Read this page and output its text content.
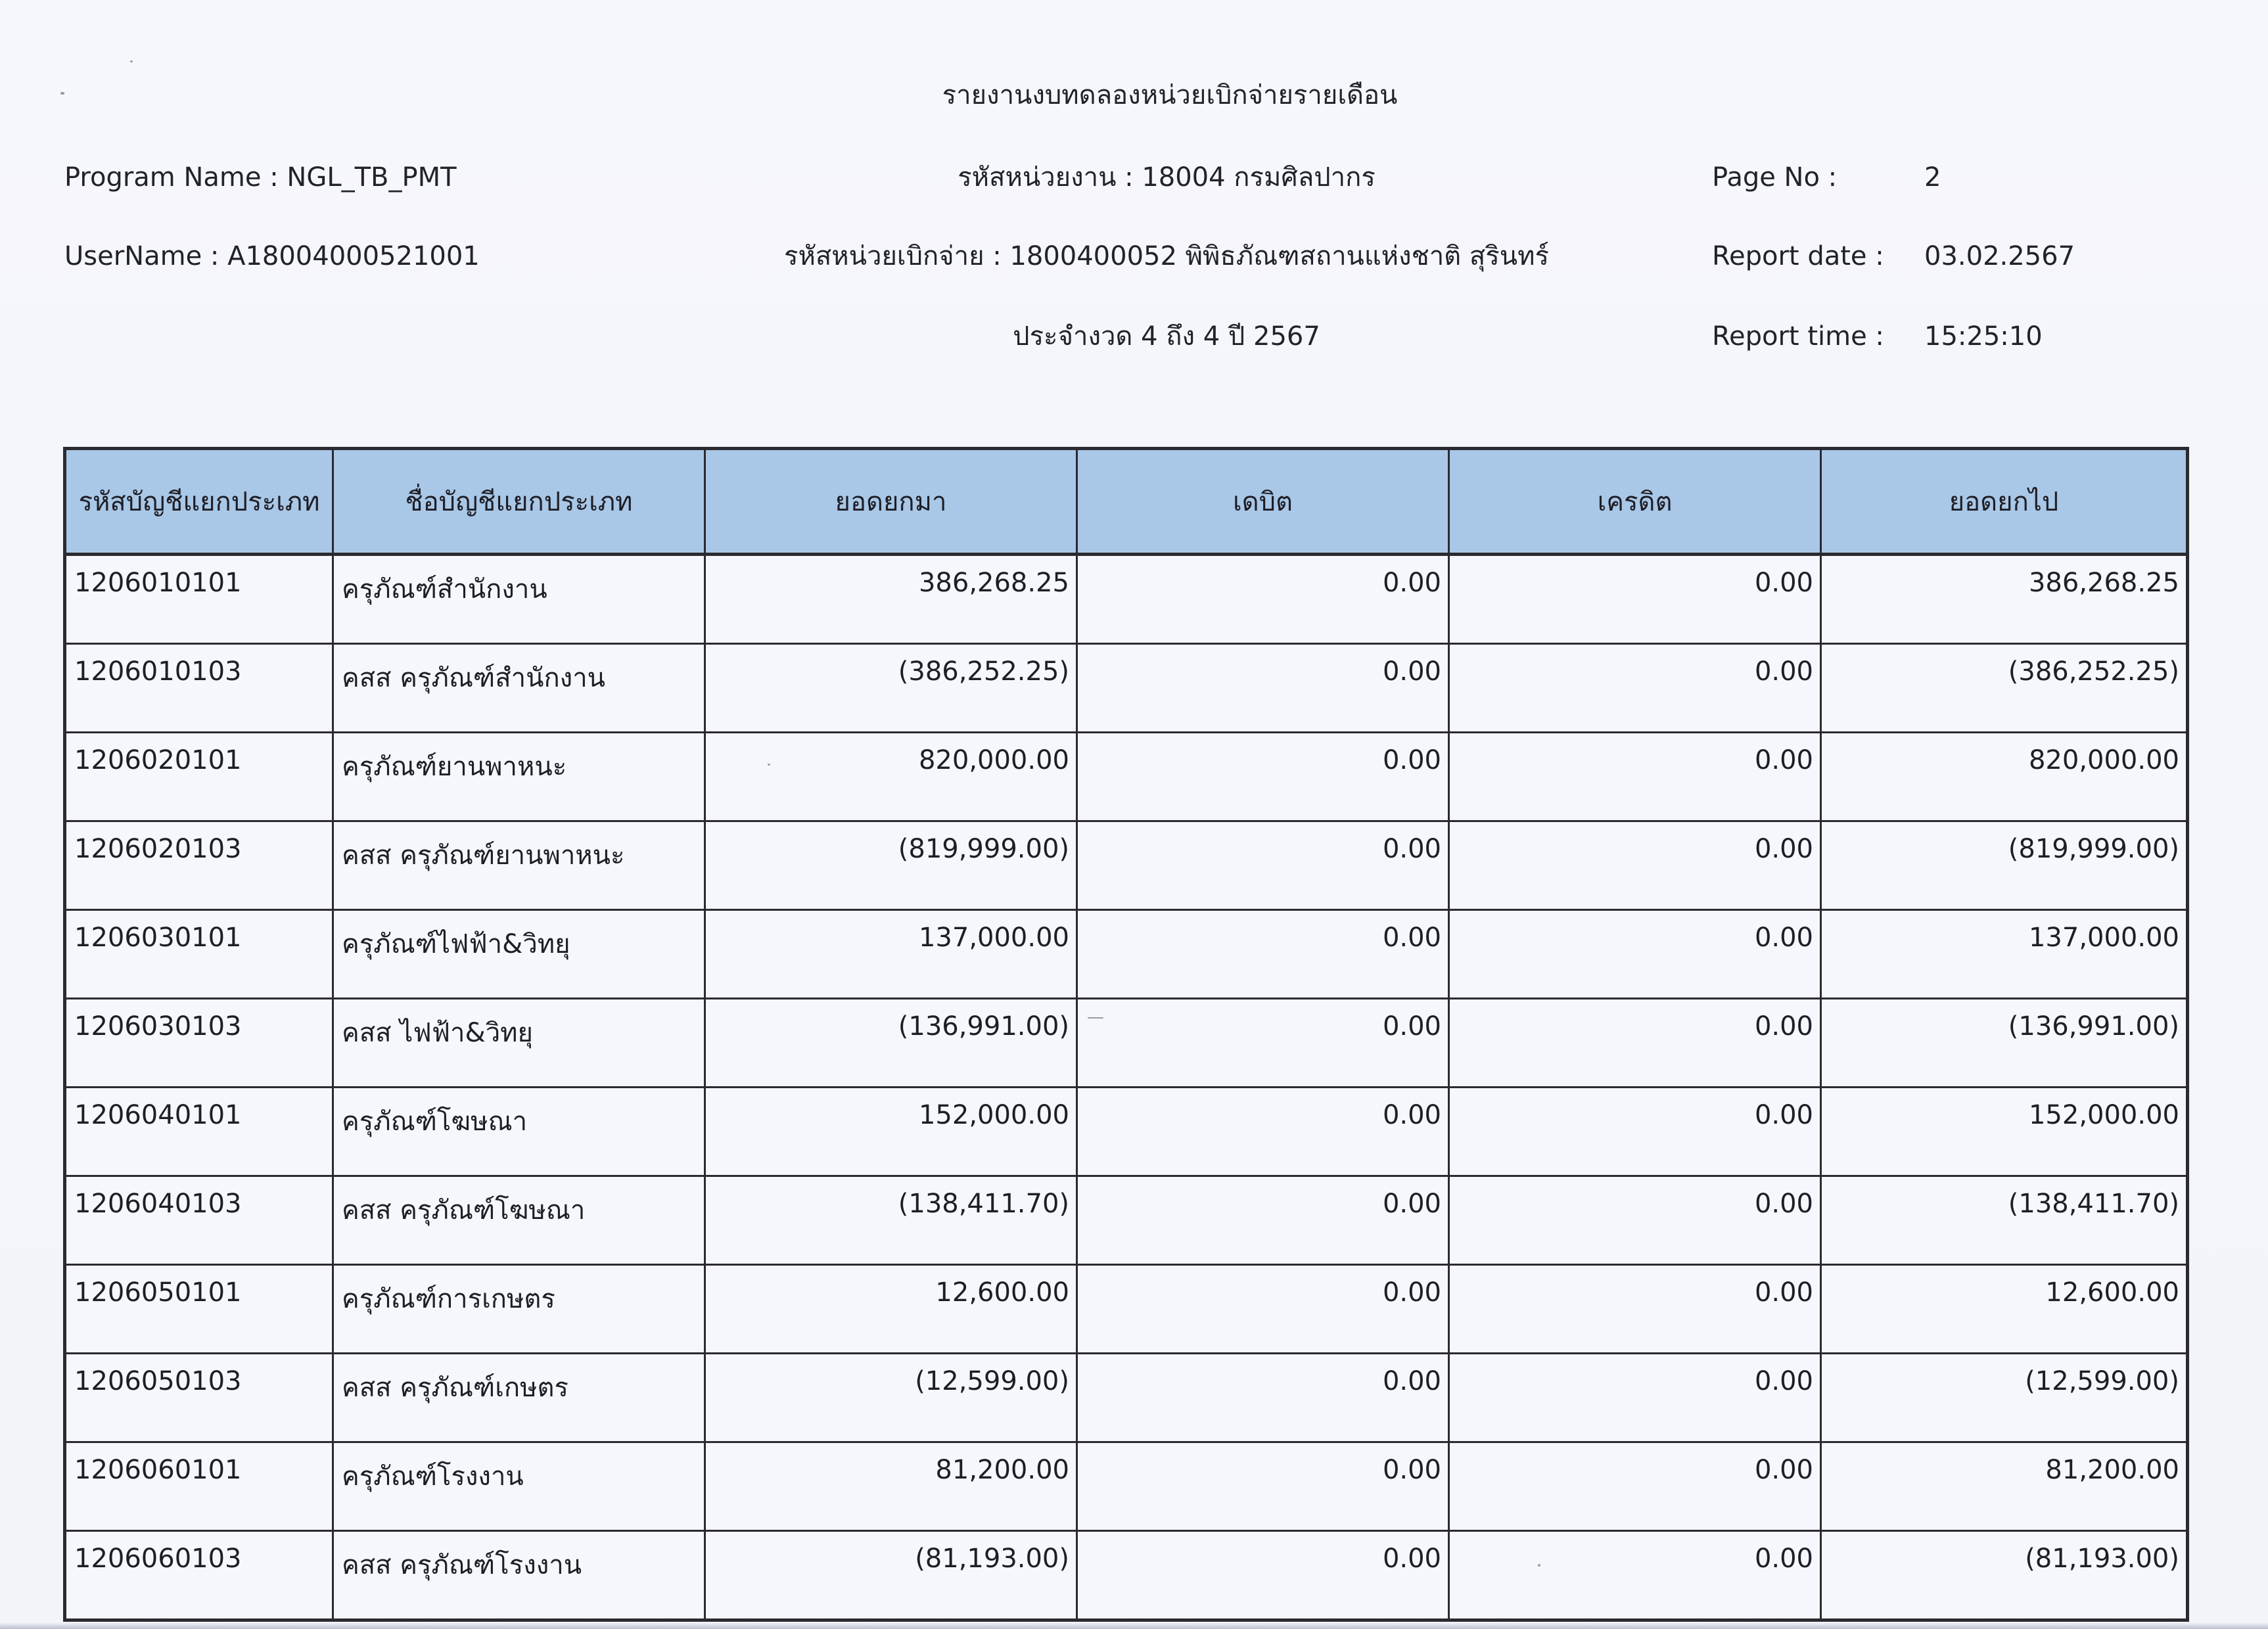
รายงานงบทดลองหน่วยเบิกจ่ายรายเดือน
Program Name : NGL_TB_PMT	รหัสหน่วยงาน : 18004 กรมศิลปากร	Page No :	2
UserName : A18004000521001	รหัสหน่วยเบิกจ่าย : 1800400052 พิพิธภัณฑสถานแห่งชาติ สุรินทร์	Report date : 03.02.2567
ประจำงวด 4 ถึง 4 ปี 2567	Report time : 15:25:10
รหัสบัญชีแยกประเภท	ชื่อบัญชีแยกประเภท	ยอดยกมา	เดบิต	เครดิต	ยอดยกไป
1206010101	ครุภัณฑ์สำนักงาน	386,268.25	0.00	0.00	386,268.25
1206010103	คสส ครุภัณฑ์สำนักงาน	(386,252.25)	0.00	0.00	(386,252.25)
1206020101	ครุภัณฑ์ยานพาหนะ	820,000.00	0.00	0.00	820,000.00
1206020103	คสส ครุภัณฑ์ยานพาหนะ	(819,999.00)	0.00	0.00	(819,999.00)
1206030101	ครุภัณฑ์ไฟฟ้า&วิทยุ	137,000.00	0.00	0.00	137,000.00
1206030103	คสส ไฟฟ้า&วิทยุ	(136,991.00)	0.00	0.00	(136,991.00)
1206040101	ครุภัณฑ์โฆษณา	152,000.00	0.00	0.00	152,000.00
1206040103	คสส ครุภัณฑ์โฆษณา	(138,411.70)	0.00	0.00	(138,411.70)
1206050101	ครุภัณฑ์การเกษตร	12,600.00	0.00	0.00	12,600.00
1206050103	คสส ครุภัณฑ์เกษตร	(12,599.00)	0.00	0.00	(12,599.00)
1206060101	ครุภัณฑ์โรงงาน	81,200.00	0.00	0.00	81,200.00
1206060103	คสส ครุภัณฑ์โรงงาน	(81,193.00)	0.00	0.00	(81,193.00)
